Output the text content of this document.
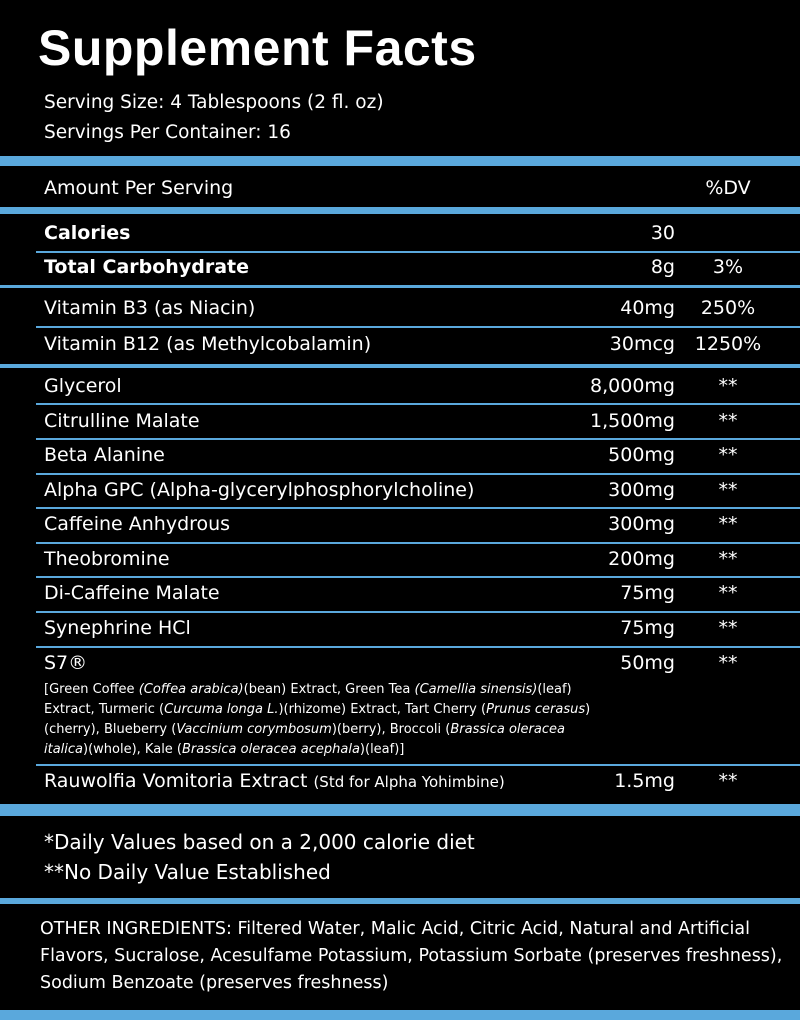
Supplement Facts
Serving Size: 4 Tablespoons (2 fl. oz)
Servings Per Container: 16
Amount Per Serving	%DV
Calories	30
Total Carbohydrate	8g	3%
Vitamin B3 (as Niacin)	40mg	250%
Vitamin B12 (as Methylcobalamin)	30mcg	1250%
Glycerol	8,000mg	**
Citrulline Malate	1,500mg	**
Beta Alanine	500mg	**
Alpha GPC (Alpha-glycerylphosphorylcholine)	300mg	**
Caffeine Anhydrous	300mg	**
Theobromine	200mg	**
Di-Caffeine Malate	75mg	**
Synephrine HCl	75mg	**
S7®	50mg	**
[Green Coffee (Coffea arabica)(bean) Extract, Green Tea (Camellia sinensis)(leaf) Extract, Turmeric (Curcuma longa L.)(rhizome) Extract, Tart Cherry (Prunus cerasus)(cherry), Blueberry (Vaccinium corymbosum)(berry), Broccoli (Brassica oleracea italica)(whole), Kale (Brassica oleracea acephala)(leaf)]
Rauwolfia Vomitoria Extract (Std for Alpha Yohimbine)	1.5mg	**
*Daily Values based on a 2,000 calorie diet
**No Daily Value Established
OTHER INGREDIENTS: Filtered Water, Malic Acid, Citric Acid, Natural and Artificial Flavors, Sucralose, Acesulfame Potassium, Potassium Sorbate (preserves freshness), Sodium Benzoate (preserves freshness)
